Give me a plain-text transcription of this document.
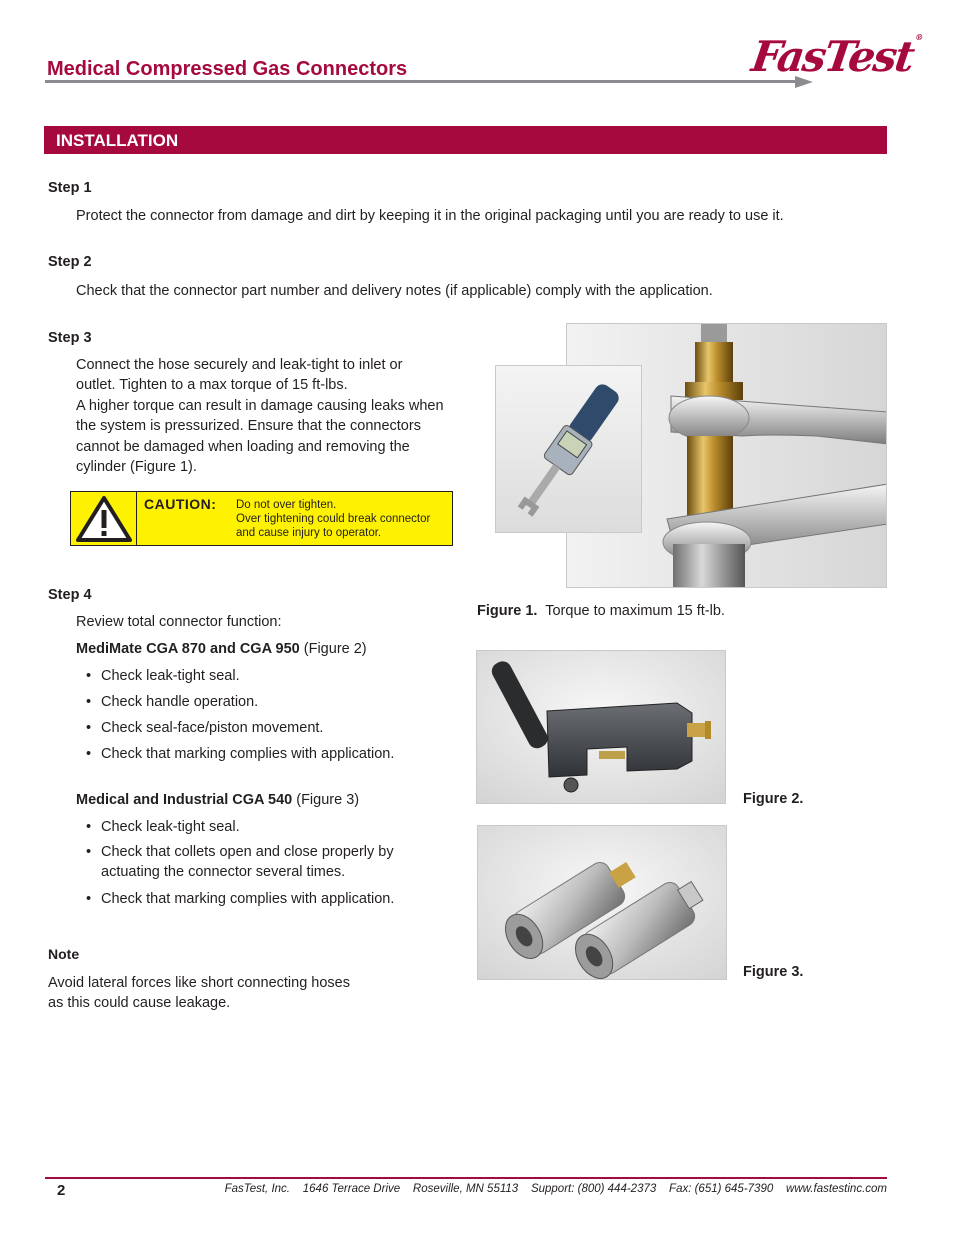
Medical Compressed Gas Connectors	FasTest®
INSTALLATION
Step 1
Protect the connector from damage and dirt by keeping it in the original packaging until you are ready to use it.
Step 2
Check that the connector part number and delivery notes (if applicable) comply with the application.
Step 3
Connect the hose securely and leak-tight to inlet or
outlet. Tighten to a max torque of 15 ft-lbs.
A higher torque can result in damage causing leaks when
the system is pressurized. Ensure that the connectors
cannot be damaged when loading and removing the
cylinder (Figure 1).
CAUTION: Do not over tighten.
Over tightening could break connector
and cause injury to operator.
Figure 1.  Torque to maximum 15 ft-lb.
Step 4
Review total connector function:
MediMate CGA 870 and CGA 950 (Figure 2)
• Check leak-tight seal.
• Check handle operation.
• Check seal-face/piston movement.
• Check that marking complies with application.
Medical and Industrial CGA 540 (Figure 3)
• Check leak-tight seal.
• Check that collets open and close properly by
actuating the connector several times.
• Check that marking complies with application.
Note
Avoid lateral forces like short connecting hoses
as this could cause leakage.
Figure 2.
Figure 3.
2	FasTest, Inc.    1646 Terrace Drive    Roseville, MN 55113    Support: (800) 444-2373    Fax: (651) 645-7390    www.fastestinc.com
